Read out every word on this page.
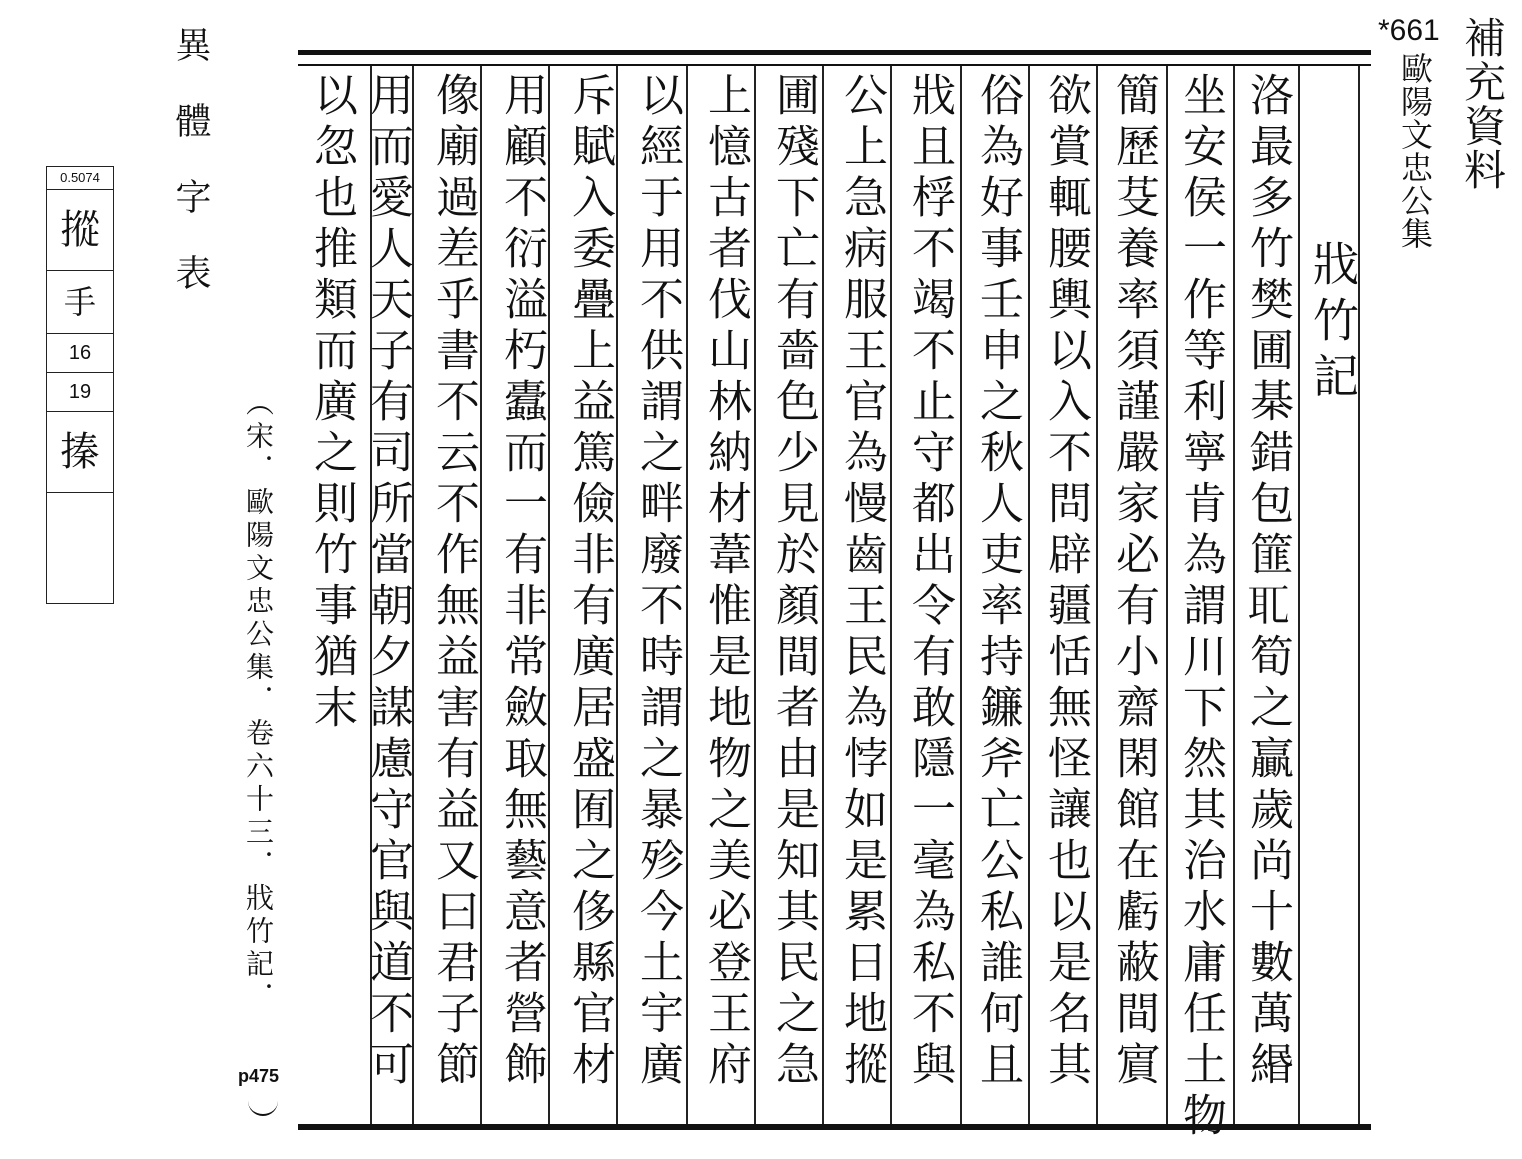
*661 補充資料
歐陽文忠公集
異體字表
（宋．歐陽文忠公集．卷六十三．戕竹記．
p475
0.5074
摐
手
16
19
搸
戕竹記
洛最多竹樊圃棊錯包篚𦔮筍之贏歲尚十數萬緡
坐安侯一作等利寧肯為謂川下然其治水庸任土物
簡歷芟養率須謹嚴家必有小齋閑館在虧蔽間賔
欲賞輒腰輿以入不問辟疆恬無怪讓也以是名其
俗為好事壬申之秋人吏率持鐮斧亡公私誰何且
戕且桴不竭不止守都出令有敢隱一毫為私不與
公上急病服王官為慢齒王民為悖如是累日地摐
圃殘下亡有嗇色少見於顏間者由是知其民之急
上憶古者伐山林納材葦惟是地物之美必登王府
以經于用不供謂之畔廢不時謂之暴殄今土宇廣
斥賦入委疊上益篤儉非有廣居盛囿之侈縣官材
用顧不衍溢朽蠹而一有非常斂取無藝意者營飾
像廟過差乎書不云不作無益害有益又曰君子節
用而愛人天子有司所當朝夕謀慮守官與道不可
以忽也推類而廣之則竹事猶末
